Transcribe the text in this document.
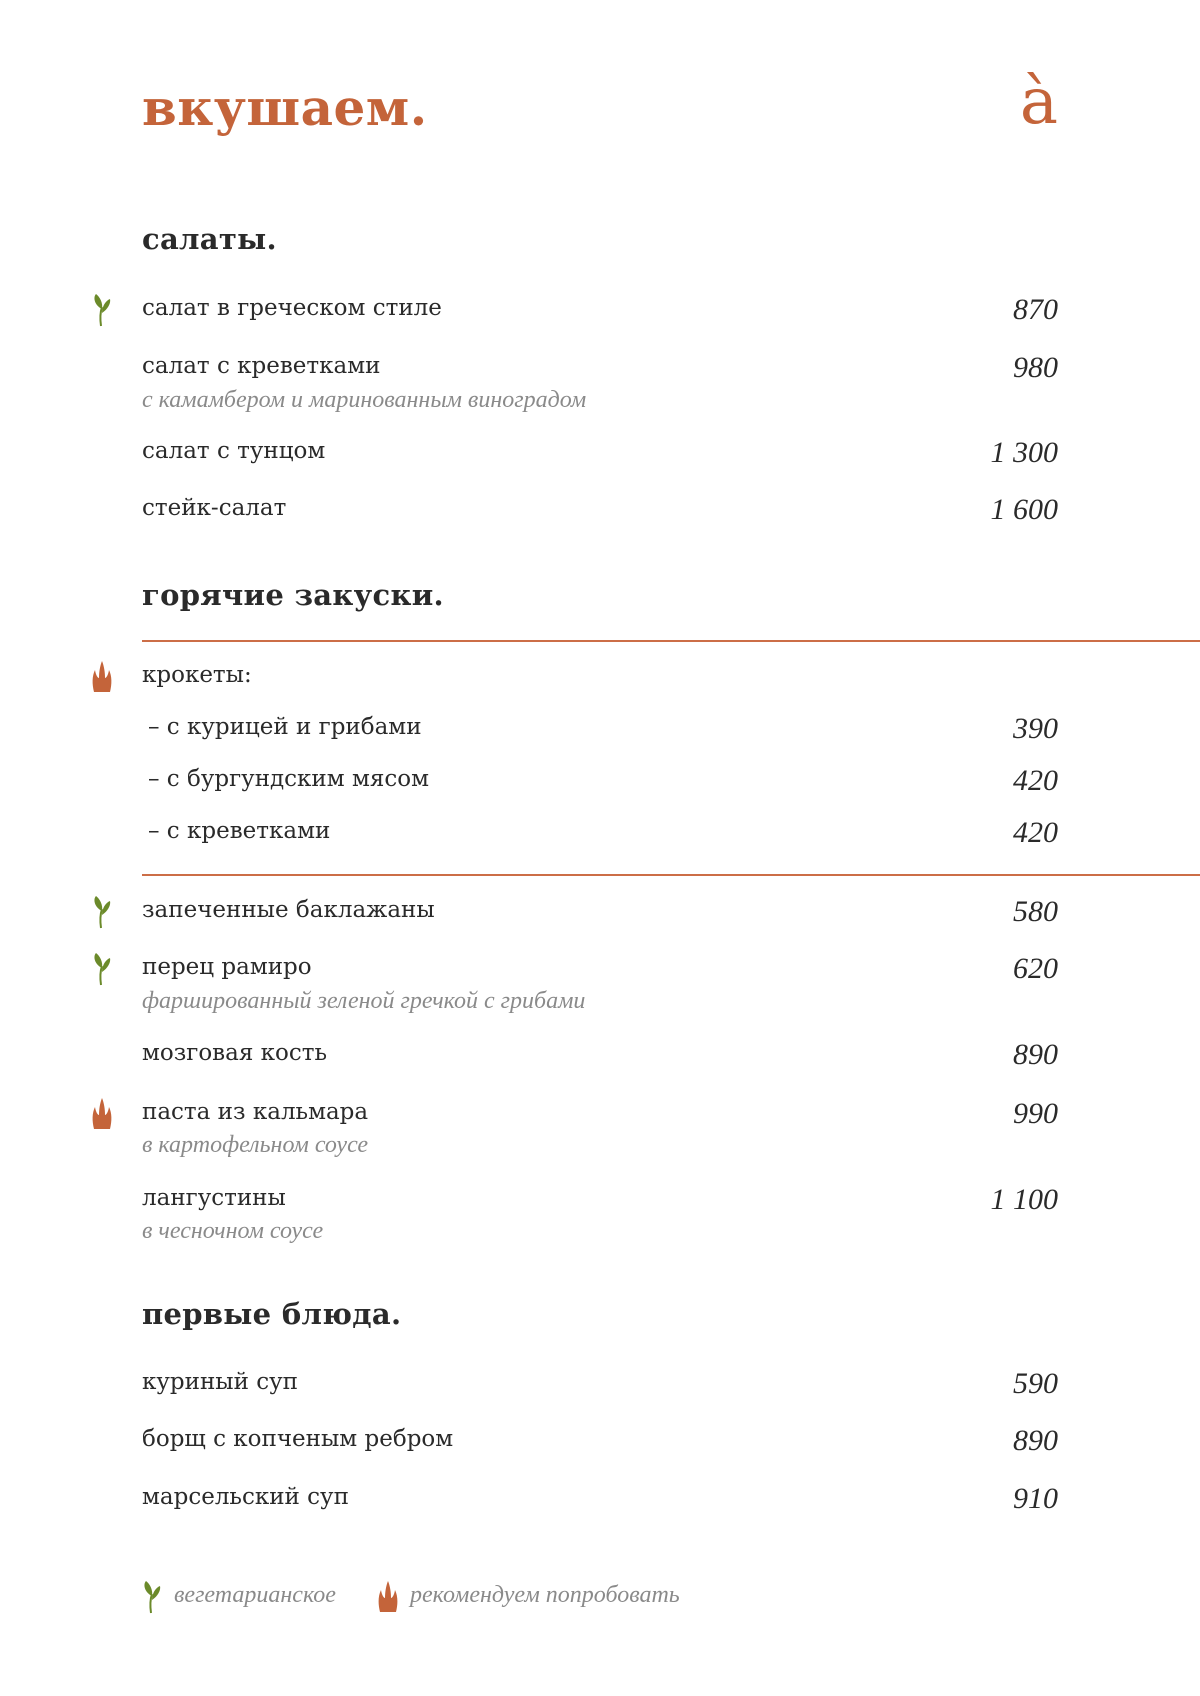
вкушаем.	à
салаты.
салат в греческом стиле	870
салат с креветками	980
с камамбером и маринованным виноградом
салат с тунцом	1 300
стейк-салат	1 600
горячие закуски.
крокеты:
– с курицей и грибами	390
– с бургундским мясом	420
– с креветками	420
запеченные баклажаны	580
перец рамиро	620
фаршированный зеленой гречкой с грибами
мозговая кость	890
паста из кальмара	990
в картофельном соусе
лангустины	1 100
в чесночном соусе
первые блюда.
куриный суп	590
борщ с копченым ребром	890
марсельский суп	910
вегетарианское	рекомендуем попробовать
